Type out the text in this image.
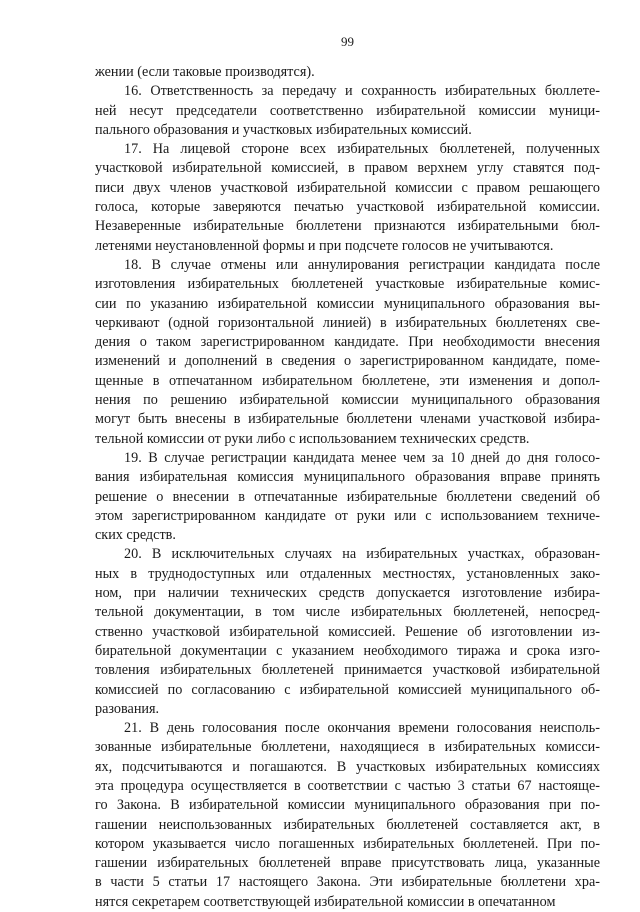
99
жении (если таковые производятся).
16. Ответственность за передачу и сохранность избирательных бюллете-
ней несут председатели соответственно избирательной комиссии муници-
пального образования и участковых избирательных комиссий.
17. На лицевой стороне всех избирательных бюллетеней, полученных
участковой избирательной комиссией, в правом верхнем углу ставятся под-
писи двух членов участковой избирательной комиссии с правом решающего
голоса, которые заверяются печатью участковой избирательной комиссии.
Незаверенные избирательные бюллетени признаются избирательными бюл-
летенями неустановленной формы и при подсчете голосов не учитываются.
18. В случае отмены или аннулирования регистрации кандидата после
изготовления избирательных бюллетеней участковые избирательные комис-
сии по указанию избирательной комиссии муниципального образования вы-
черкивают (одной горизонтальной линией) в избирательных бюллетенях све-
дения о таком зарегистрированном кандидате. При необходимости внесения
изменений и дополнений в сведения о зарегистрированном кандидате, поме-
щенные в отпечатанном избирательном бюллетене, эти изменения и допол-
нения по решению избирательной комиссии муниципального образования
могут быть внесены в избирательные бюллетени членами участковой избира-
тельной комиссии от руки либо с использованием технических средств.
19. В случае регистрации кандидата менее чем за 10 дней до дня голосо-
вания избирательная комиссия муниципального образования вправе принять
решение о внесении в отпечатанные избирательные бюллетени сведений об
этом зарегистрированном кандидате от руки или с использованием техниче-
ских средств.
20. В исключительных случаях на избирательных участках, образован-
ных в труднодоступных или отдаленных местностях, установленных зако-
ном, при наличии технических средств допускается изготовление избира-
тельной документации, в том числе избирательных бюллетеней, непосред-
ственно участковой избирательной комиссией. Решение об изготовлении из-
бирательной документации с указанием необходимого тиража и срока изго-
товления избирательных бюллетеней принимается участковой избирательной
комиссией по согласованию с избирательной комиссией муниципального об-
разования.
21. В день голосования после окончания времени голосования неисполь-
зованные избирательные бюллетени, находящиеся в избирательных комисси-
ях, подсчитываются и погашаются. В участковых избирательных комиссиях
эта процедура осуществляется в соответствии с частью 3 статьи 67 настояще-
го Закона. В избирательной комиссии муниципального образования при по-
гашении неиспользованных избирательных бюллетеней составляется акт, в
котором указывается число погашенных избирательных бюллетеней. При по-
гашении избирательных бюллетеней вправе присутствовать лица, указанные
в части 5 статьи 17 настоящего Закона. Эти избирательные бюллетени хра-
нятся секретарем соответствующей избирательной комиссии в опечатанном
